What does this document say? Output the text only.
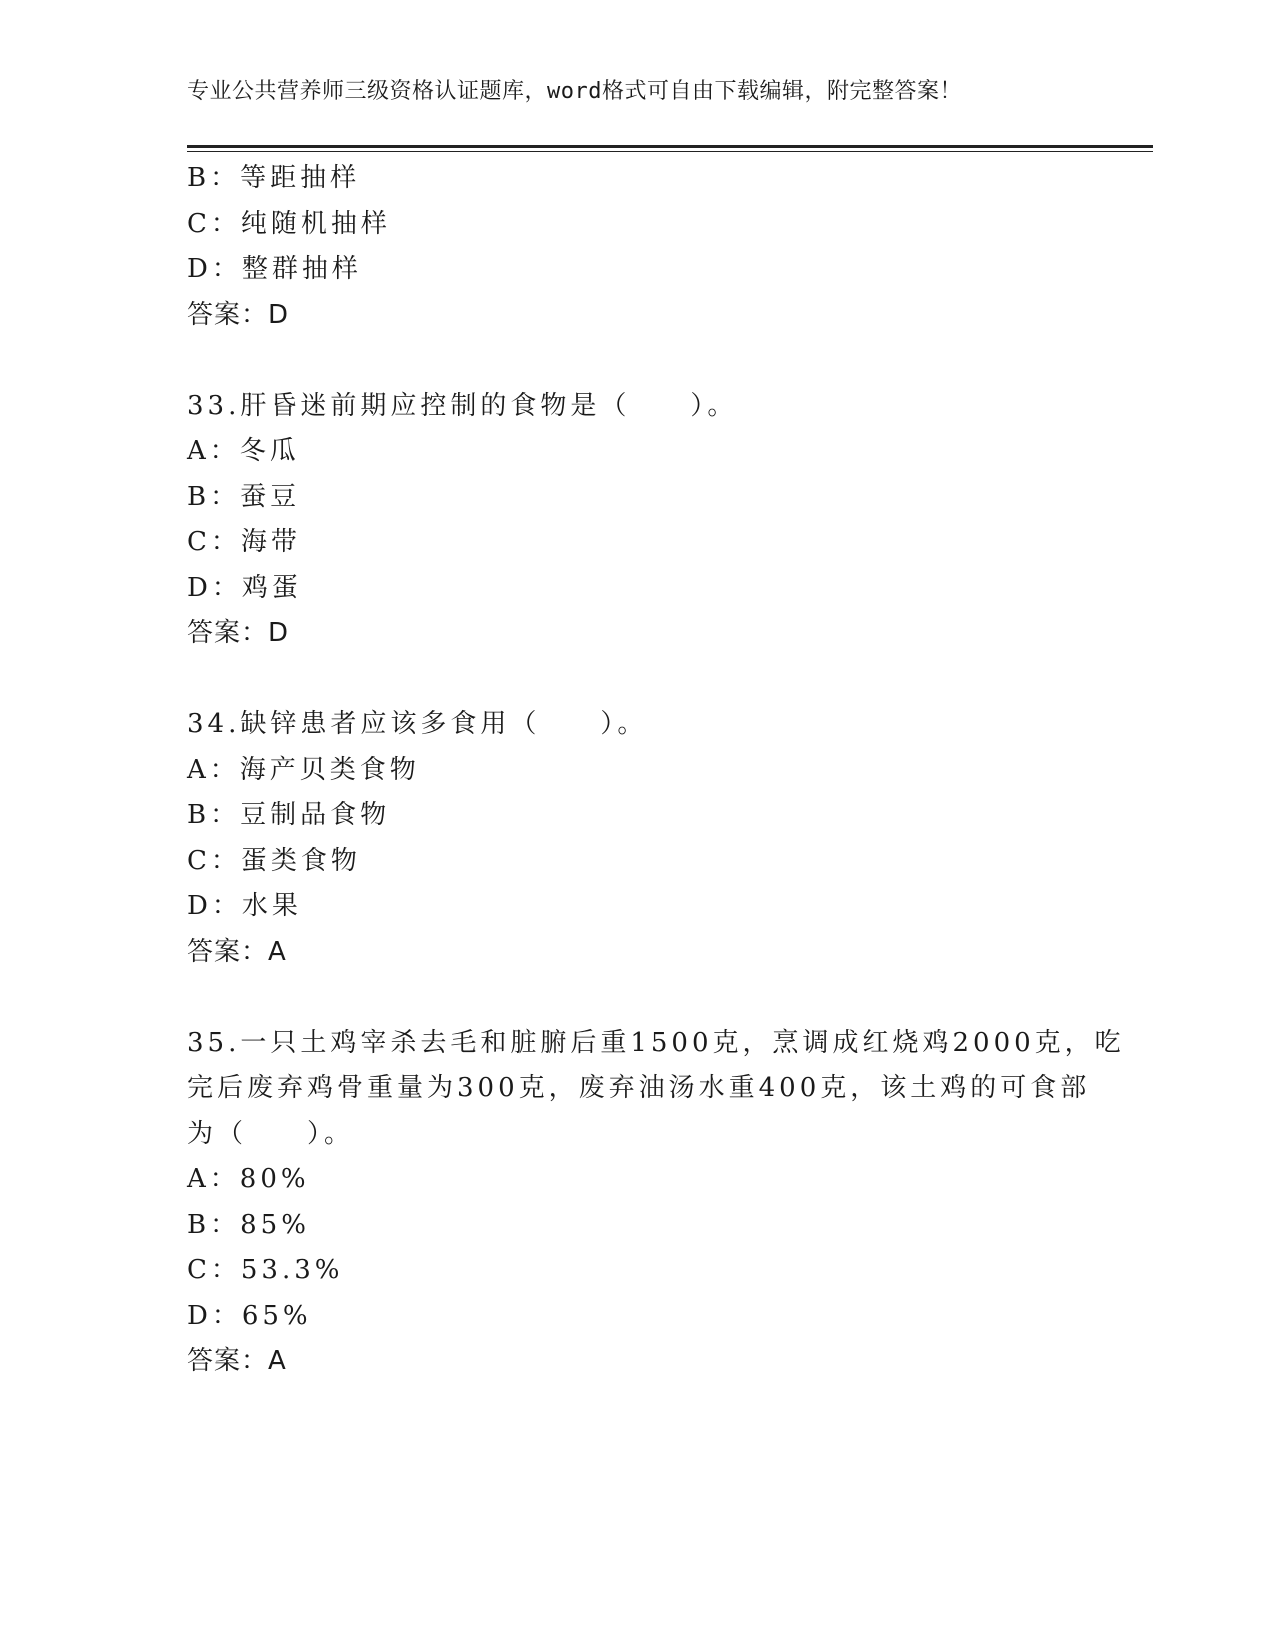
专业公共营养师三级资格认证题库，word格式可自由下载编辑，附完整答案！
B：等距抽样
C：纯随机抽样
D：整群抽样
答案：D
33.肝昏迷前期应控制的食物是（　　）。
A：冬瓜
B：蚕豆
C：海带
D：鸡蛋
答案：D
34.缺锌患者应该多食用（　　）。
A：海产贝类食物
B：豆制品食物
C：蛋类食物
D：水果
答案：A
35.一只土鸡宰杀去毛和脏腑后重1500克，烹调成红烧鸡2000克，吃
完后废弃鸡骨重量为300克，废弃油汤水重400克，该土鸡的可食部
为（　　）。
A：80%
B：85%
C：53.3%
D：65%
答案：A
